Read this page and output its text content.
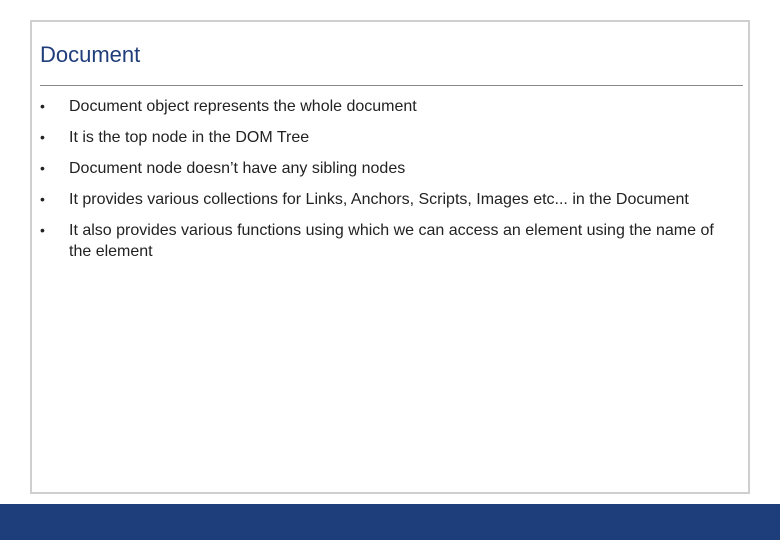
Document
• Document object represents the whole document
• It is the top node in the DOM Tree
• Document node doesn’t have any sibling nodes
• It provides various collections for Links, Anchors, Scripts, Images etc... in the Document
• It also provides various functions using which we can access an element using the name of the element
